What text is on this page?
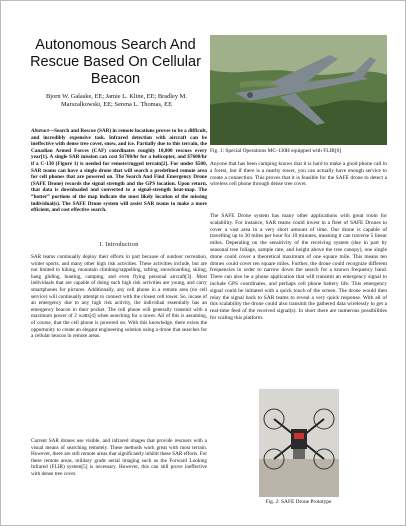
Autonomous Search And Rescue Based On Cellular Beacon
Bjorn W. Galaske, EE; Jamie L. Kline, EE; Bradley M. Marszalkowski, EE; Serena L. Thomas, EE

Abstract—Search and Rescue (SAR) in remote locations proves to be a difficult, and incredibly expensive task. Infrared detection with aircraft can be ineffective with dense tree cover, snow, and ice. Partially due to this terrain, the Canadian Armed Forces (CAF) coordinates roughly 10,000 rescues every year[1]. A single SAR mission can cost $1700/hr for a helicopter, and $7600/hr if a C-130 (Figure 1) is needed for remote/rugged terrain[2]. For under $500, SAR teams can have a single drone that will search a predefined remote area for cell phones that are powered on. The Search And Find Emergency Drone (SAFE Drone) records the signal strength and the GPS location. Upon return, that data is downloaded and converted to a signal-strength heat-map. The “hotter” portions of the map indicate the most likely location of the missing individual(s). The SAFE Drone system will assist SAR teams to make a more efficient, and cost effective search.

I. Introduction

SAR teams continually deploy their efforts in part because of outdoor recreation, winter sports, and many other high risk activities. These activities include, but are not limited to hiking, mountain climbing/rappelling, rafting, snowboarding, skiing, hang gliding, hunting, camping, and even flying personal aircraft[3]. Most individuals that are capable of doing such high risk activities are young, and carry smartphones for pictures. Additionally, any cell phone in a remote area (no cell service) will continually attempt to connect with the closest cell tower. So, incase of an emergency due to any high risk activity, the individual essentially has an emergency beacon in their pocket. The cell phone will generally transmit with a maximum power of 2 watts[4] when searching for a tower. All of this is assuming, of course, that the cell phone is powered on. With this knowledge, there exists the opportunity to create an elegant engineering solution using a drone that searches for a cellular beacon in remote areas.

Current SAR drones use visible, and infrared images that provide rescuers with a visual means of searching remotely. These methods work great with most terrain. However, there are still remote areas that significantly inhibit these SAR efforts. For these remote areas, military grade aerial imaging such as the Forward Looking Infrared (FLIR) system[5] is necessary. However, this can still prove ineffective with dense tree cover.

Fig. 1: Special Operations MC-130H equipped with FLIR[6]

Anyone that has been camping knows that it is hard to make a good phone call in a forest, but if there is a nearby tower, you can actually have enough service to create a connection. This proves that it is feasible for the SAFE drone to detect a wireless cell phone through dense tree cover.

The SAFE Drone system has many other applications with great room for scalability. For instance, SAR teams could invest in a fleet of SAFE Drones to cover a vast area in a very short amount of time. Our drone is capable of travelling up to 30 miles per hour for 10 minutes, meaning it can traverse 5 linear miles. Depending on the sensitivity of the receiving system (due in part by seasonal tree foliage, sample rate, and height above the tree canopy), one single drone could cover a theoretical maximum of one square mile. This means ten drones could cover ten square miles. Further, the drone could recognize different frequencies in order to narrow down the search for a known frequency band. There can also be a phone application that will transmit an emergency signal to include GPS coordinates, and perhaps cell phone battery life. This emergency signal could be initiated with a quick touch of the screen. The drone would then relay the signal back to SAR teams to reveal a very quick response. With all of this scalability the drone could also transmit the gathered data wirelessly to get a real-time feed of the received signal(s). In short there are numerous possibilities for scaling this platform.

Fig. 2: SAFE Drone Prototype
